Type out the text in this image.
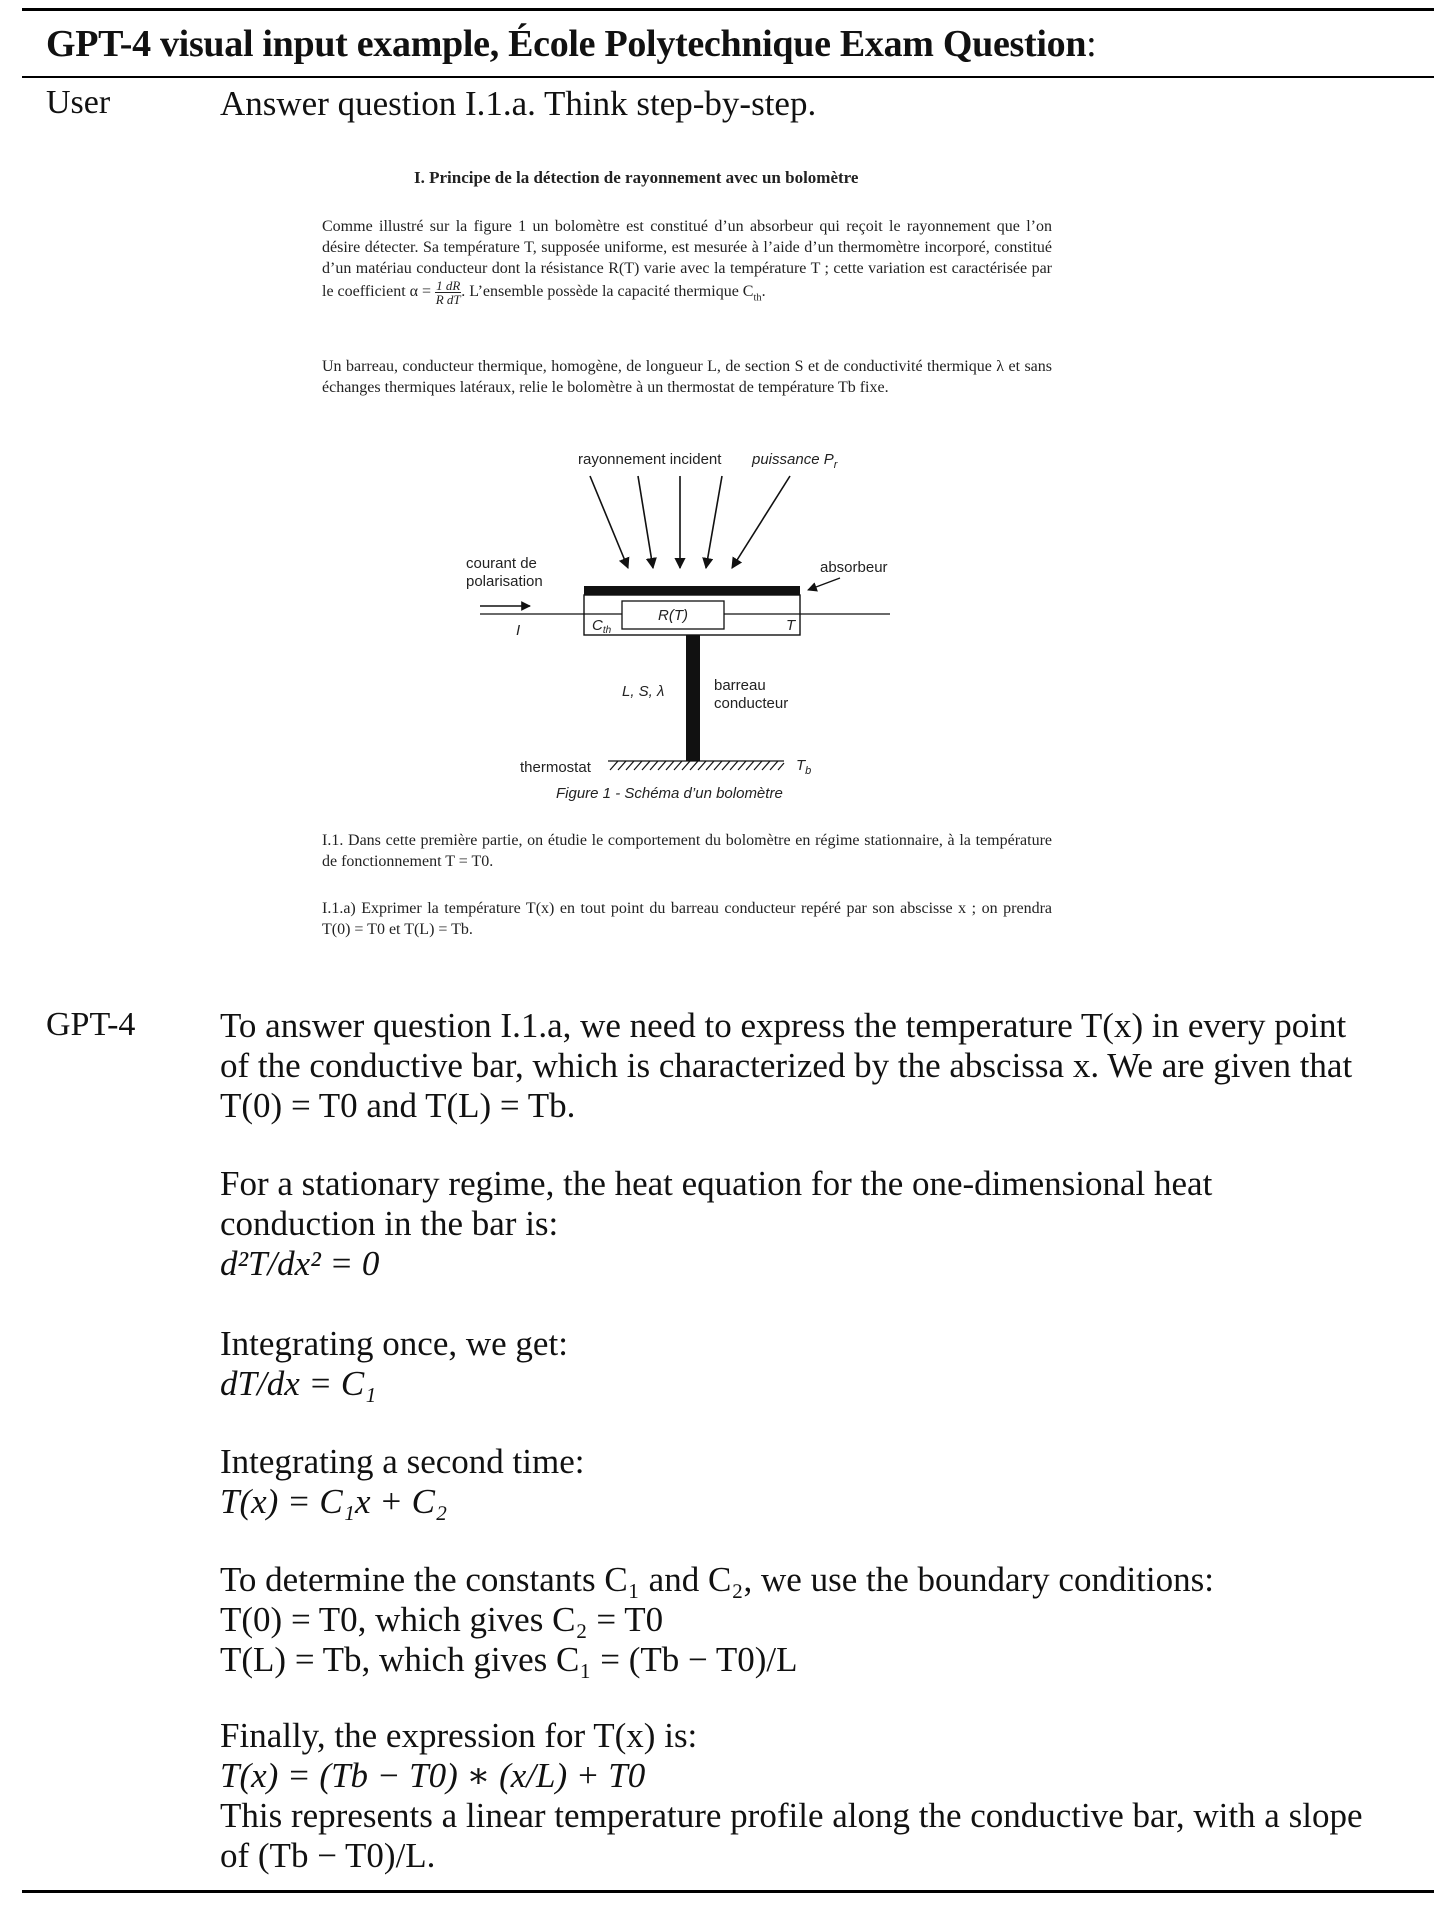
GPT-4 visual input example, École Polytechnique Exam Question:
User	Answer question I.1.a. Think step-by-step.
I. Principe de la détection de rayonnement avec un bolomètre
Comme illustré sur la figure 1 un bolomètre est constitué d’un absorbeur qui reçoit le rayonnement que l’on désire détecter. Sa température T, supposée uniforme, est mesurée à l’aide d’un thermomètre incorporé, constitué d’un matériau conducteur dont la résistance R(T) varie avec la température T ; cette variation est caractérisée par le coefficient $\alpha = \frac{1 dR}{\text{R dT}}$ . L’ensemble possède la capacité thermique $C_{th}$.
Un barreau, conducteur thermique, homogène, de longueur L, de section S et de conductivité thermique λ et sans échanges thermiques latéraux, relie le bolomètre à un thermostat de température Tb fixe.
rayonnement incident puissance $P_r$
absorbeur
R(T)
$C_{th}$	T
courant de
polarisation
I
L, S, λ	barreau
conducteur
thermostat	$T_b$
Figure 1 - Schéma d’un bolomètre
I.1. Dans cette première partie, on étudie le comportement du bolomètre en régime stationnaire, à la température de fonctionnement T = T0.
I.1.a) Exprimer la température T(x) en tout point du barreau conducteur repéré par son abscisse x ; on prendra T(0) = T0 et T(L) = Tb.
GPT-4 To answer question I.1.a, we need to express the temperature T(x) in every point
of the conductive bar, which is characterized by the abscissa x. We are given that
T(0) = T0 and T(L) = Tb.
For a stationary regime, the heat equation for the one-dimensional heat
conduction in the bar is:
d²T/dx² = 0
Integrating once, we get:
dT/dx = C₁
Integrating a second time:
T(x) = C₁x + C₂
To determine the constants C₁ and C₂, we use the boundary conditions:
T(0) = T0, which gives C₂ = T0
T(L) = Tb, which gives C₁ = (Tb − T0)/L
Finally, the expression for T(x) is:
T(x) = (Tb − T0) ∗ (x/L) + T0
This represents a linear temperature profile along the conductive bar, with a slope
of (Tb − T0)/L.
